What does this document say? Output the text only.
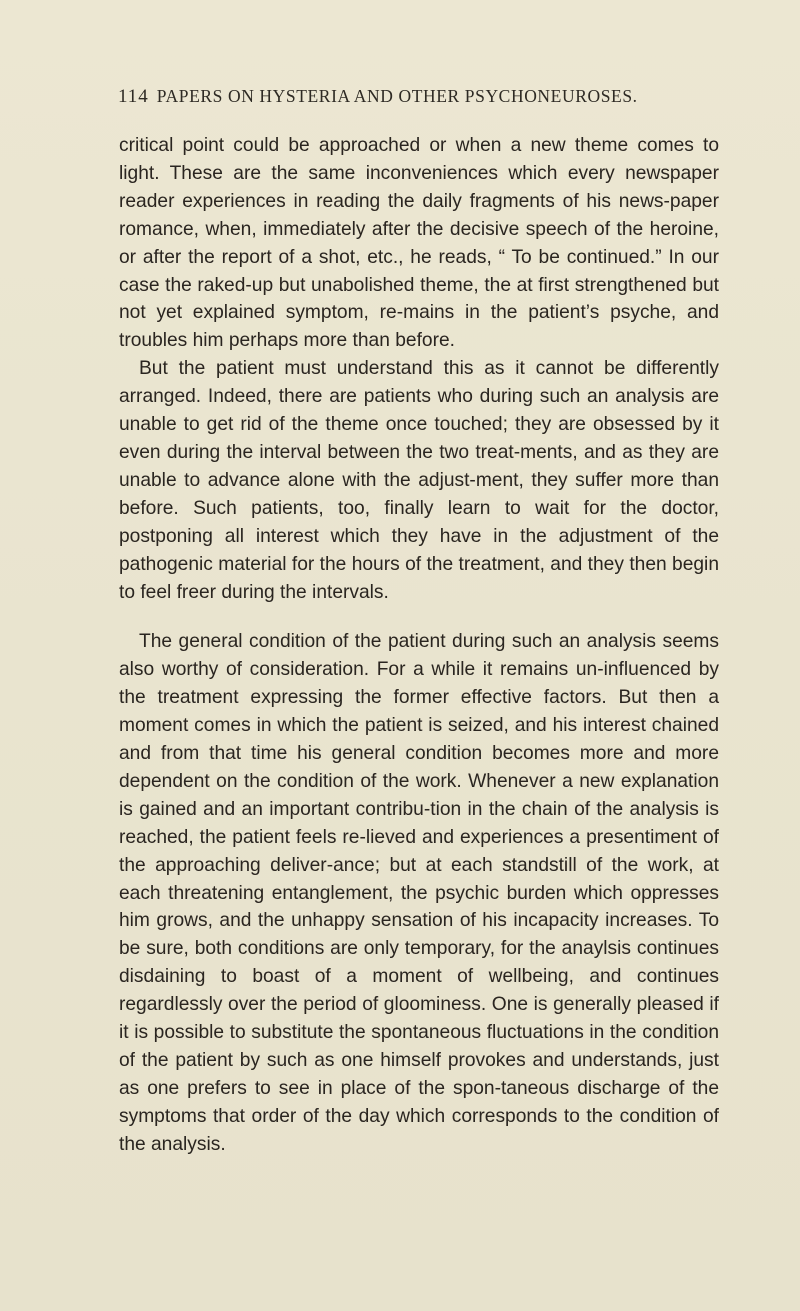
114 PAPERS ON HYSTERIA AND OTHER PSYCHONEUROSES.

critical point could be approached or when a new theme comes to light. These are the same inconveniences which every newspaper reader experiences in reading the daily fragments of his news-paper romance, when, immediately after the decisive speech of the heroine, or after the report of a shot, etc., he reads, “ To be continued.” In our case the raked-up but unabolished theme, the at first strengthened but not yet explained symptom, re-mains in the patient’s psyche, and troubles him perhaps more than before.

But the patient must understand this as it cannot be differently arranged. Indeed, there are patients who during such an analysis are unable to get rid of the theme once touched; they are obsessed by it even during the interval between the two treat-ments, and as they are unable to advance alone with the adjust-ment, they suffer more than before. Such patients, too, finally learn to wait for the doctor, postponing all interest which they have in the adjustment of the pathogenic material for the hours of the treatment, and they then begin to feel freer during the intervals.

The general condition of the patient during such an analysis seems also worthy of consideration. For a while it remains un-influenced by the treatment expressing the former effective factors. But then a moment comes in which the patient is seized, and his interest chained and from that time his general condition becomes more and more dependent on the condition of the work. Whenever a new explanation is gained and an important contribu-tion in the chain of the analysis is reached, the patient feels re-lieved and experiences a presentiment of the approaching deliver-ance; but at each standstill of the work, at each threatening entanglement, the psychic burden which oppresses him grows, and the unhappy sensation of his incapacity increases. To be sure, both conditions are only temporary, for the anaylsis continues disdaining to boast of a moment of wellbeing, and continues regardlessly over the period of gloominess. One is generally pleased if it is possible to substitute the spontaneous fluctuations in the condition of the patient by such as one himself provokes and understands, just as one prefers to see in place of the spon-taneous discharge of the symptoms that order of the day which corresponds to the condition of the analysis.
